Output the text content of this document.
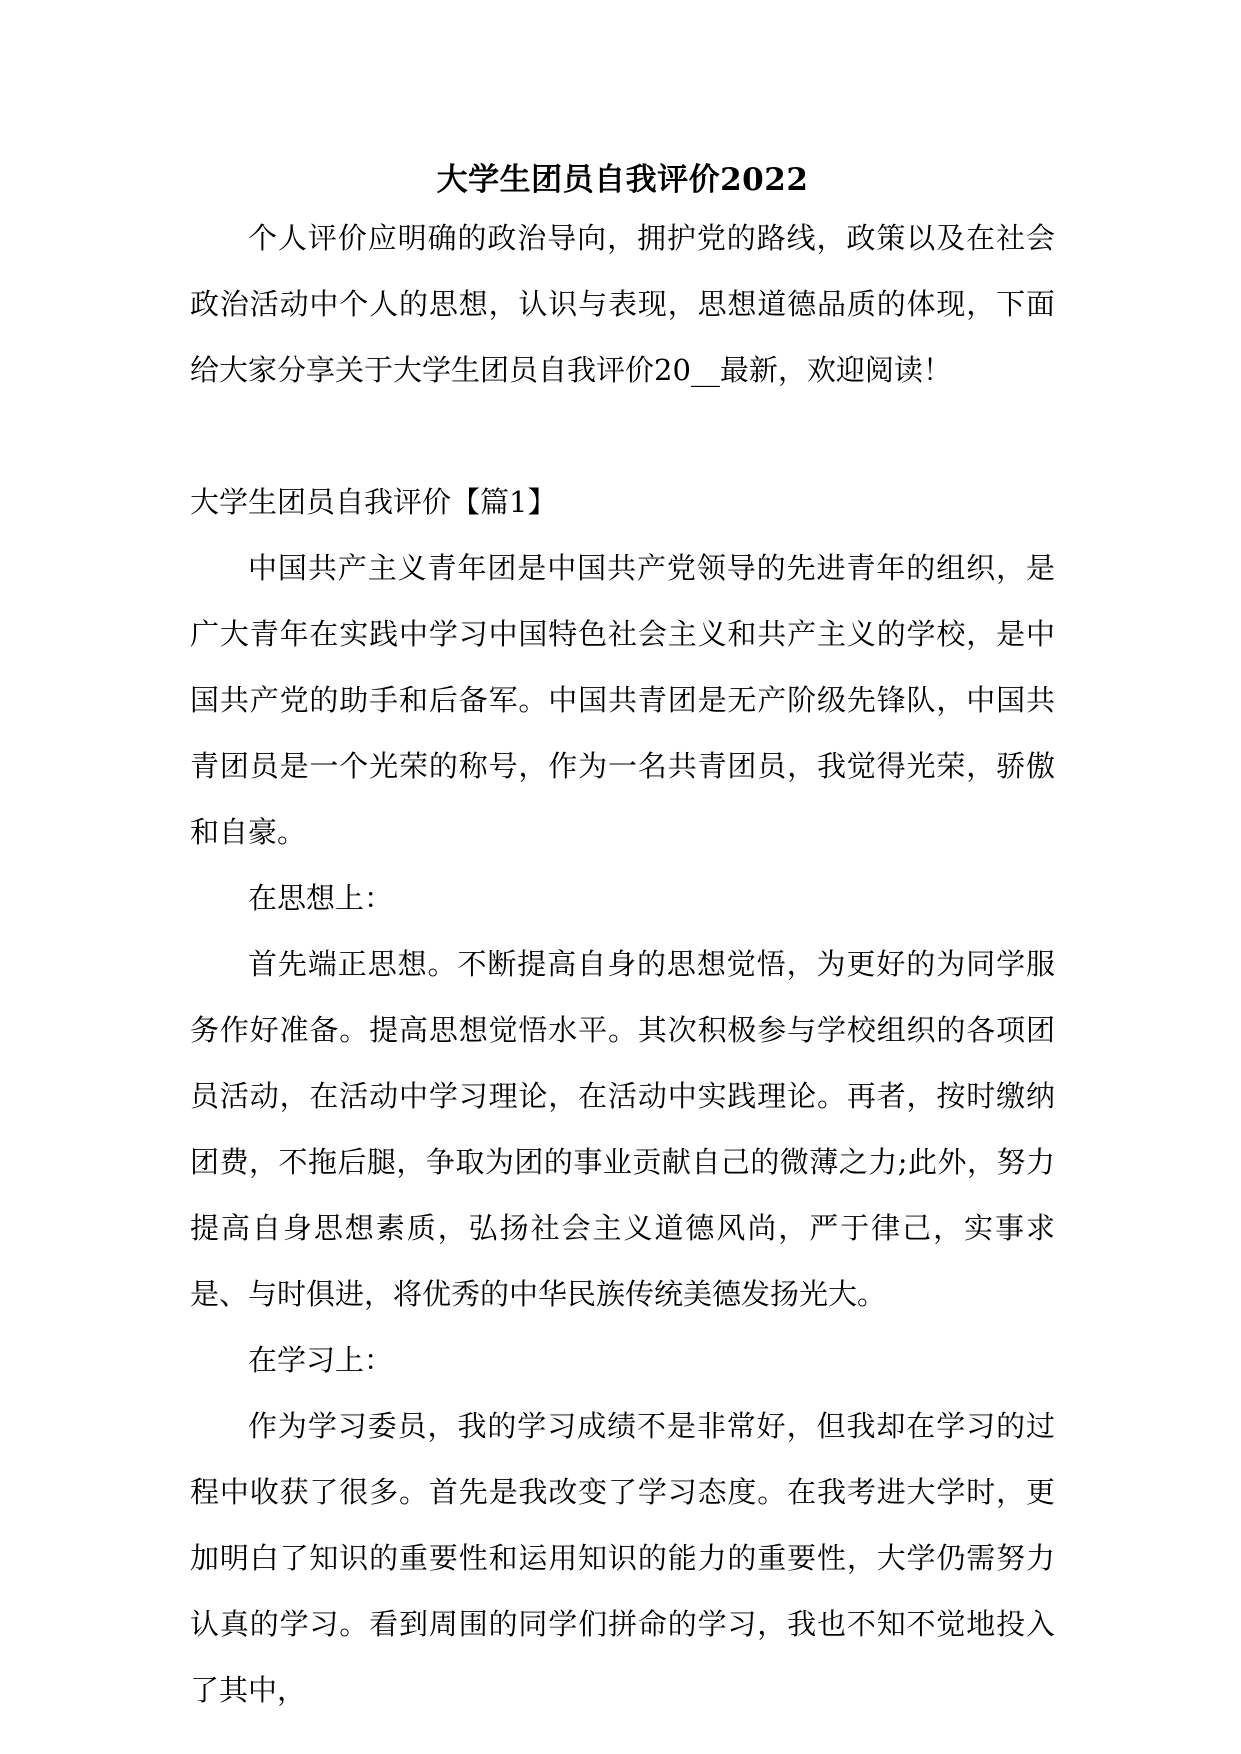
大学生团员自我评价2022

个人评价应明确的政治导向，拥护党的路线，政策以及在社会政治活动中个人的思想，认识与表现，思想道德品质的体现，下面给大家分享关于大学生团员自我评价20__最新，欢迎阅读！

大学生团员自我评价【篇1】

中国共产主义青年团是中国共产党领导的先进青年的组织，是广大青年在实践中学习中国特色社会主义和共产主义的学校，是中国共产党的助手和后备军。中国共青团是无产阶级先锋队，中国共青团员是一个光荣的称号，作为一名共青团员，我觉得光荣，骄傲和自豪。

在思想上：

首先端正思想。不断提高自身的思想觉悟，为更好的为同学服务作好准备。提高思想觉悟水平。其次积极参与学校组织的各项团员活动，在活动中学习理论，在活动中实践理论。再者，按时缴纳团费，不拖后腿，争取为团的事业贡献自己的微薄之力;此外，努力提高自身思想素质，弘扬社会主义道德风尚，严于律己，实事求是、与时俱进，将优秀的中华民族传统美德发扬光大。

在学习上：

作为学习委员，我的学习成绩不是非常好，但我却在学习的过程中收获了很多。首先是我改变了学习态度。在我考进大学时，更加明白了知识的重要性和运用知识的能力的重要性，大学仍需努力认真的学习。看到周围的同学们拼命的学习，我也不知不觉地投入了其中，
